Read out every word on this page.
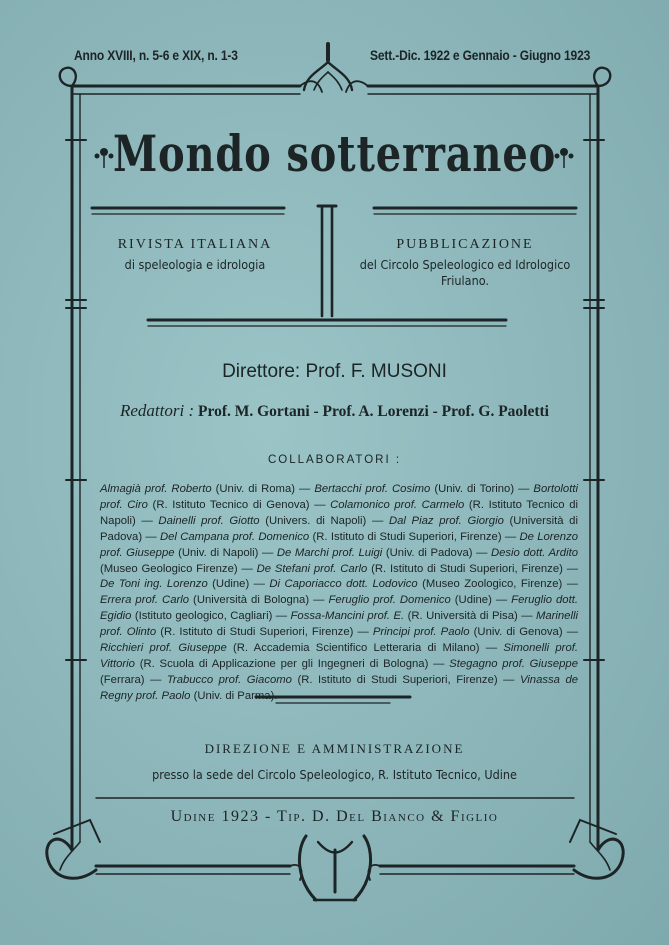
Anno XVIII, n. 5-6 e XIX, n. 1-3	Sett.-Dic. 1922 e Gennaio - Giugno 1923
Mondo sotterraneo
RIVISTA ITALIANA
di speleologia e idrologia
PUBBLICAZIONE
del Circolo Speleologico ed Idrologico Friulano.
Direttore: Prof. F. MUSONI
Redattori : Prof. M. Gortani - Prof. A. Lorenzi - Prof. G. Paoletti
COLLABORATORI :
Almagià prof. Roberto (Univ. di Roma) — Bertacchi prof. Cosimo (Univ. di Torino) — Bortolotti prof. Ciro (R. Istituto Tecnico di Genova) — Colamonico prof. Carmelo (R. Istituto Tecnico di Napoli) — Dainelli prof. Giotto (Univers. di Napoli) — Dal Piaz prof. Giorgio (Università di Padova) — Del Campana prof. Domenico (R. Istituto di Studi Superiori, Firenze) — De Lorenzo prof. Giuseppe (Univ. di Napoli) — De Marchi prof. Luigi (Univ. di Padova) — Desio dott. Ardito (Museo Geologico Firenze) — De Stefani prof. Carlo (R. Istituto di Studi Superiori, Firenze) — De Toni ing. Lorenzo (Udine) — Di Caporiacco dott. Lodovico (Museo Zoologico, Firenze) — Errera prof. Carlo (Università di Bologna) — Feruglio prof. Domenico (Udine) — Feruglio dott. Egidio (Istituto geologico, Cagliari) — Fossa-Mancini prof. E. (R. Università di Pisa) — Marinelli prof. Olinto (R. Istituto di Studi Superiori, Firenze) — Principi prof. Paolo (Univ. di Genova) — Ricchieri prof. Giuseppe (R. Accademia Scientifico Letteraria di Milano) — Simonelli prof. Vittorio (R. Scuola di Applicazione per gli Ingegneri di Bologna) — Stegagno prof. Giuseppe (Ferrara) — Trabucco prof. Giacomo (R. Istituto di Studi Superiori, Firenze) — Vinassa de Regny prof. Paolo (Univ. di Parma).
DIREZIONE E AMMINISTRAZIONE
presso la sede del Circolo Speleologico, R. Istituto Tecnico, Udine
Udine 1923 - Tip. D. Del Bianco & Figlio
